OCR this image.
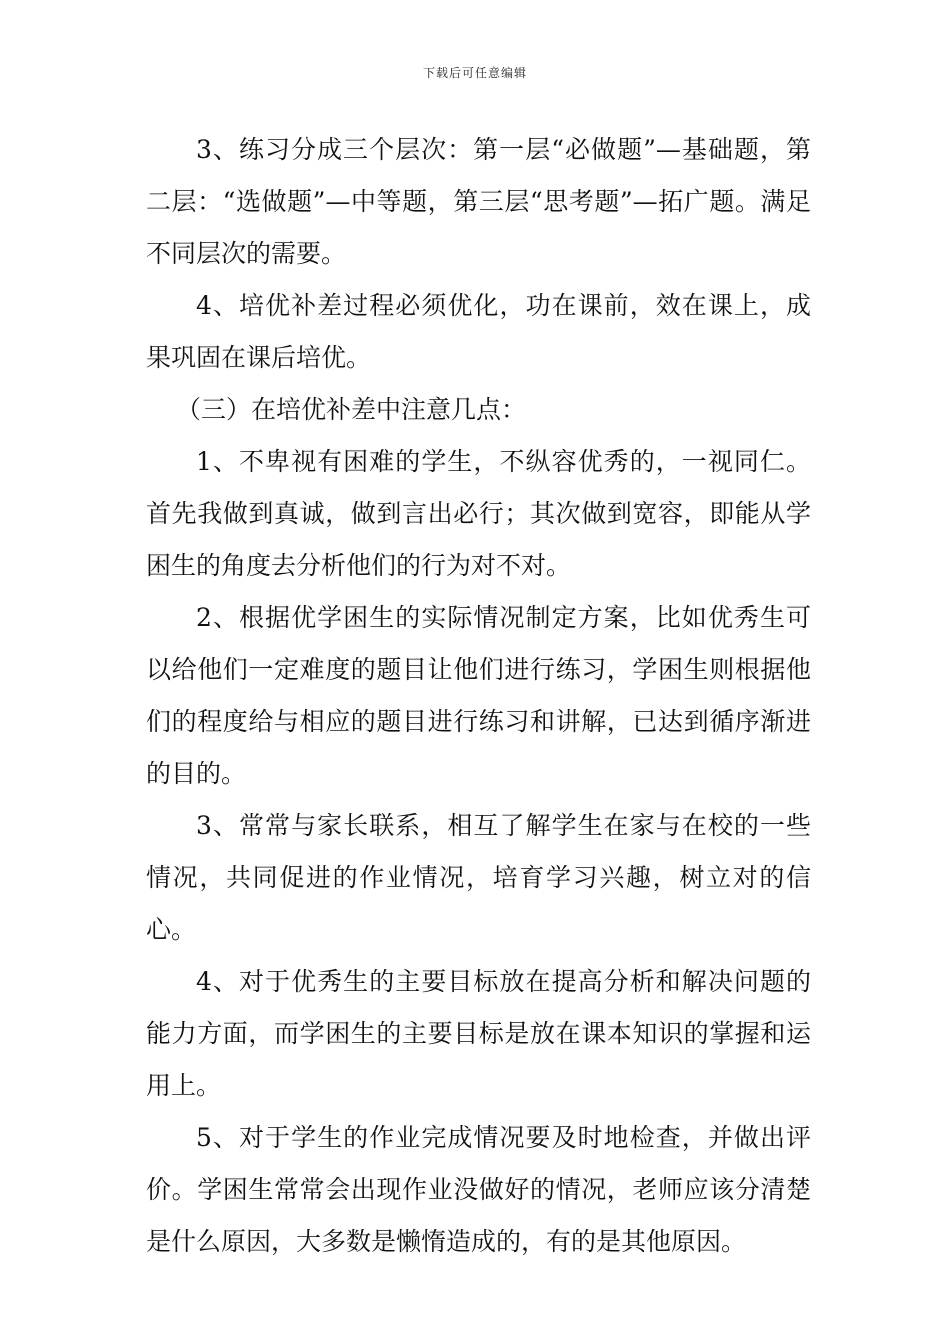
下载后可任意编辑

3、练习分成三个层次：第一层“必做题”—基础题，第二层：“选做题”—中等题，第三层“思考题”—拓广题。满足不同层次的需要。

4、培优补差过程必须优化，功在课前，效在课上，成果巩固在课后培优。

（三）在培优补差中注意几点：

1、不卑视有困难的学生，不纵容优秀的，一视同仁。首先我做到真诚，做到言出必行；其次做到宽容，即能从学困生的角度去分析他们的行为对不对。

2、根据优学困生的实际情况制定方案，比如优秀生可以给他们一定难度的题目让他们进行练习，学困生则根据他们的程度给与相应的题目进行练习和讲解，已达到循序渐进的目的。

3、常常与家长联系，相互了解学生在家与在校的一些情况，共同促进的作业情况，培育学习兴趣，树立对的信心。

4、对于优秀生的主要目标放在提高分析和解决问题的能力方面，而学困生的主要目标是放在课本知识的掌握和运用上。

5、对于学生的作业完成情况要及时地检查，并做出评价。学困生常常会出现作业没做好的情况，老师应该分清楚是什么原因，大多数是懒惰造成的，有的是其他原因。
